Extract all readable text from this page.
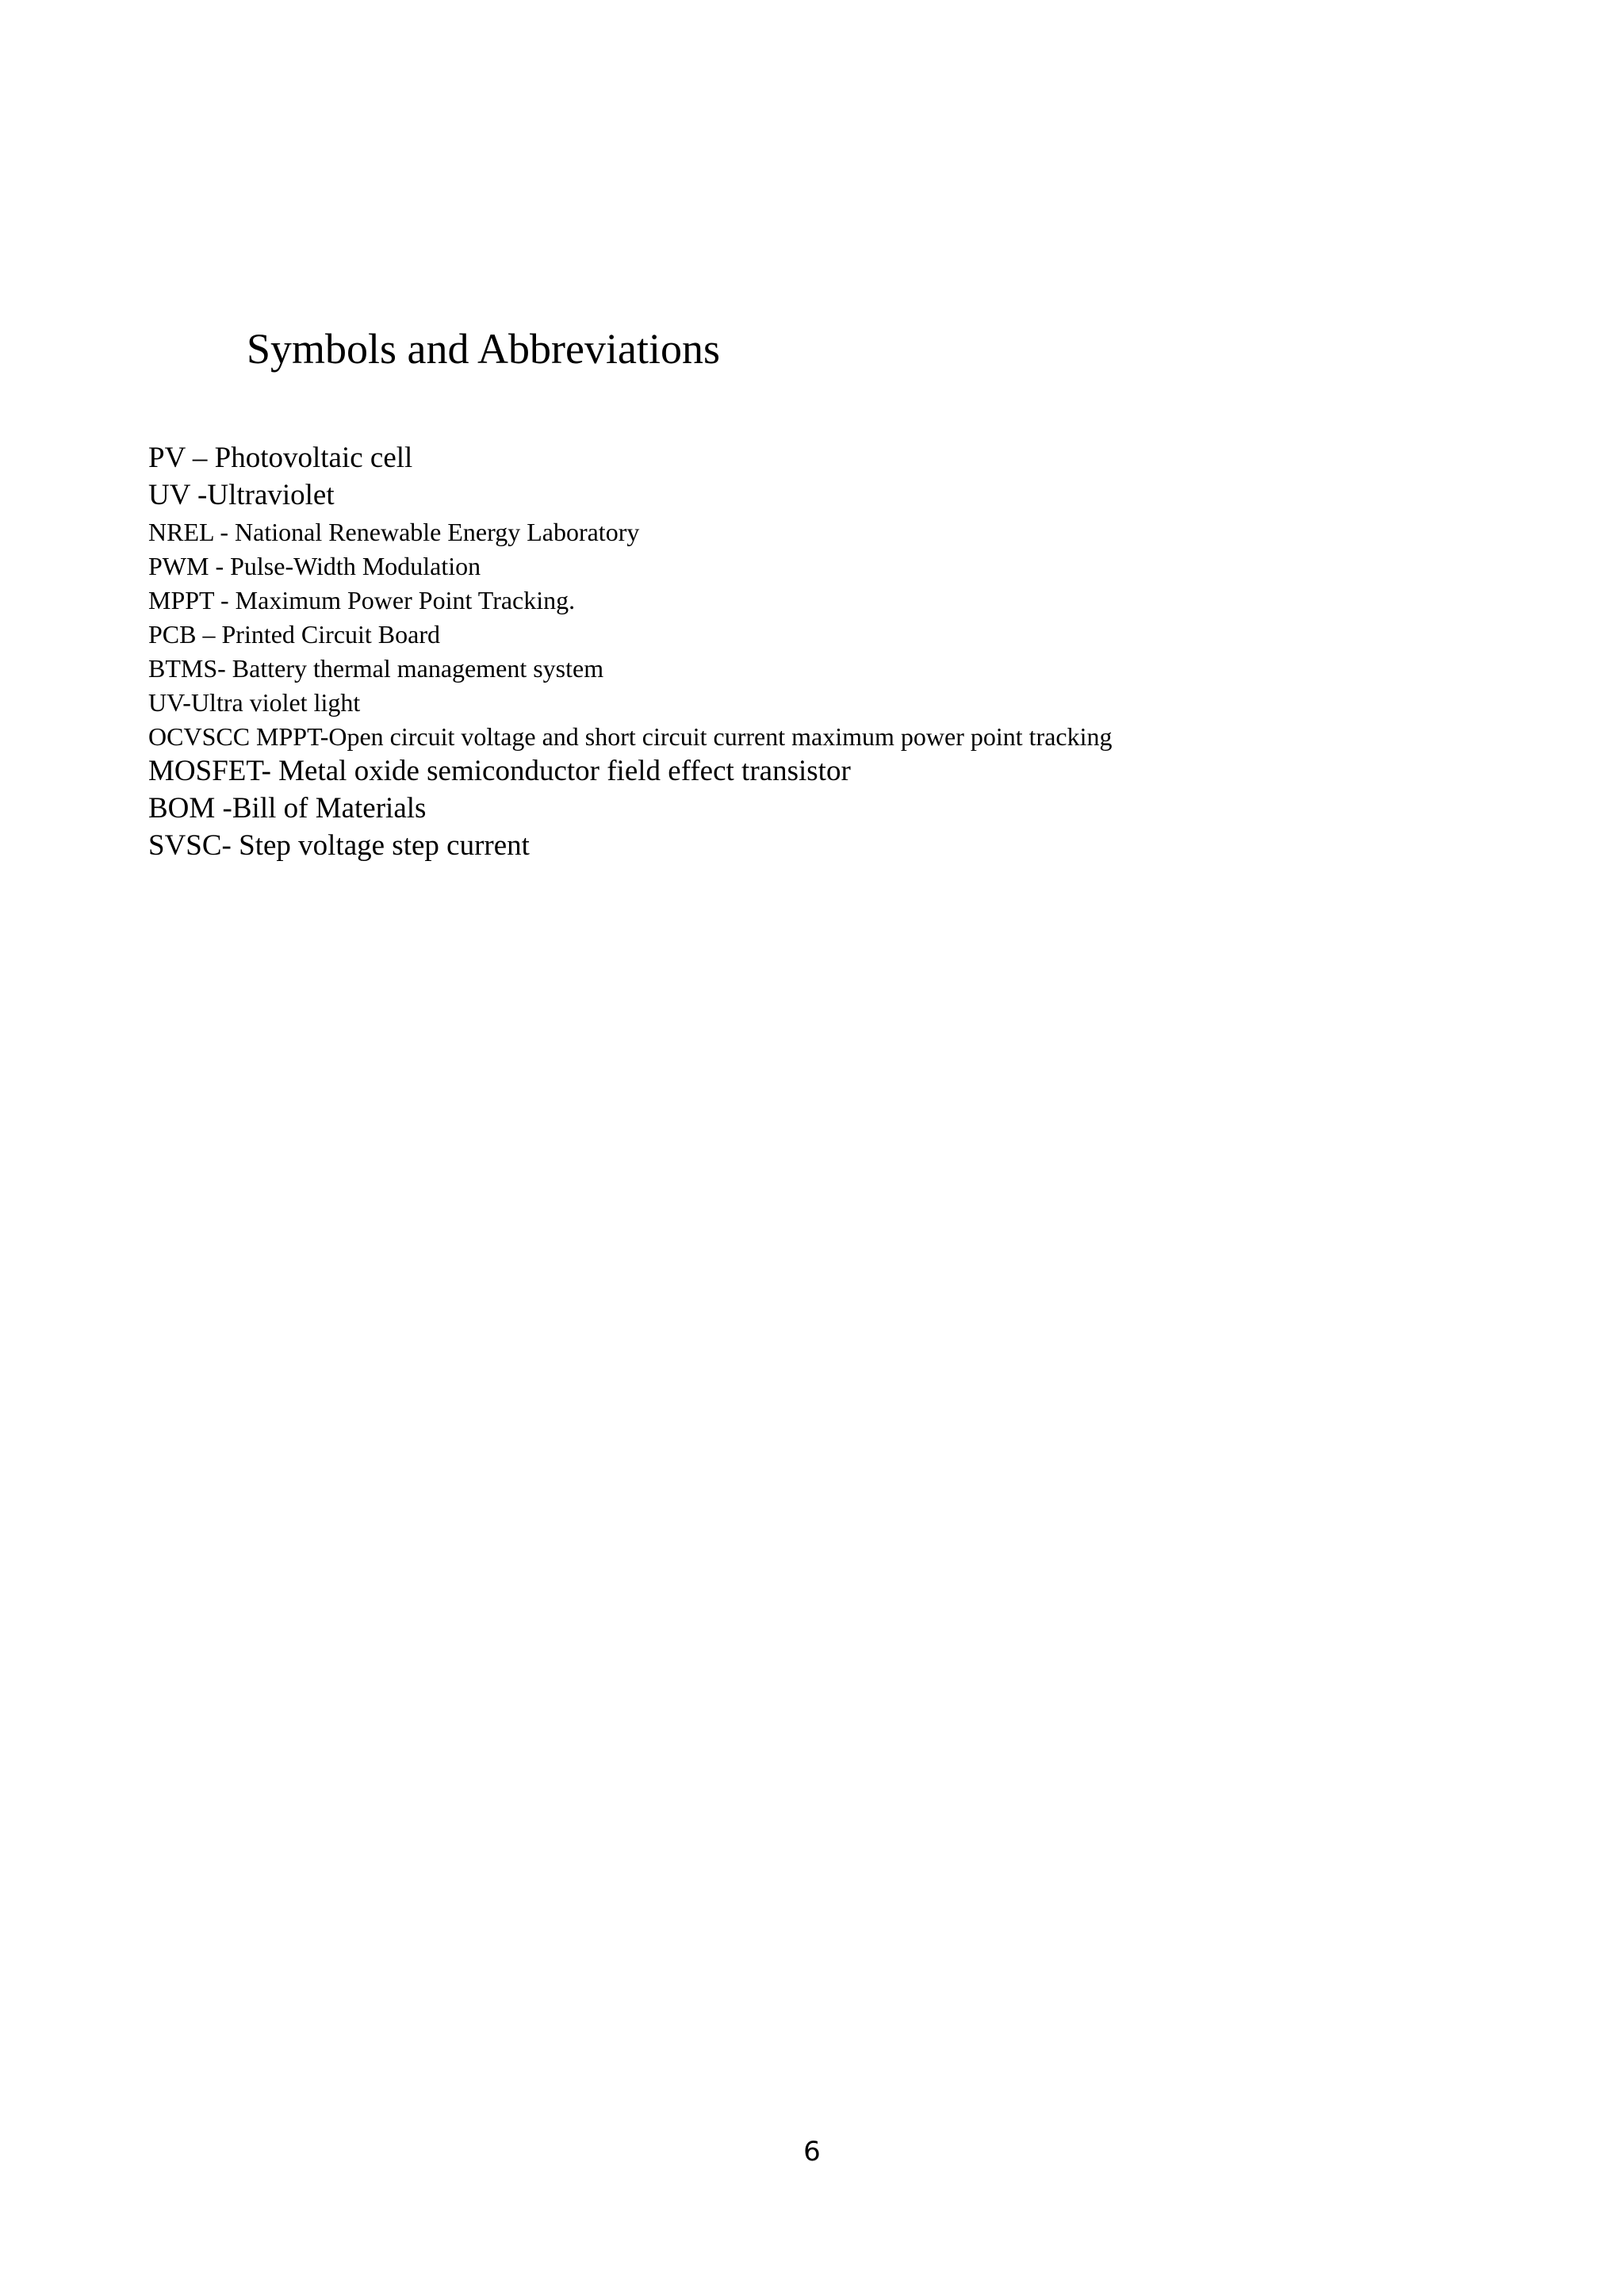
Symbols and Abbreviations
PV – Photovoltaic cell
UV -Ultraviolet
NREL - National Renewable Energy Laboratory
PWM - Pulse-Width Modulation
MPPT - Maximum Power Point Tracking.
PCB – Printed Circuit Board
BTMS- Battery thermal management system
UV-Ultra violet light
OCVSCC MPPT-Open circuit voltage and short circuit current maximum power point tracking
MOSFET- Metal oxide semiconductor field effect transistor
BOM -Bill of Materials
SVSC- Step voltage step current
6
